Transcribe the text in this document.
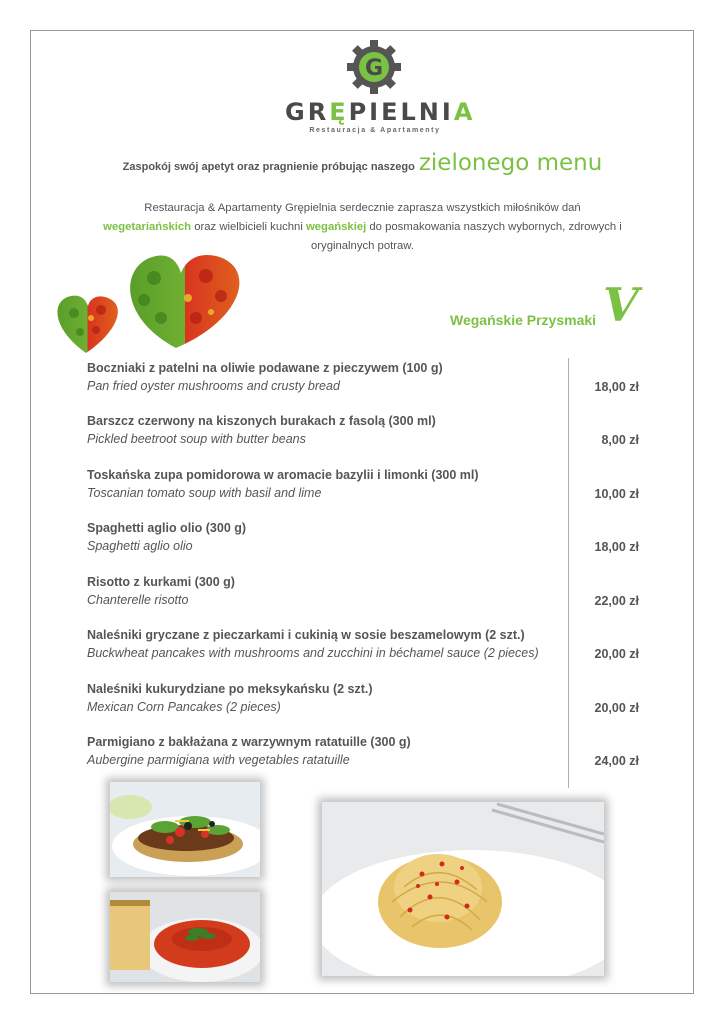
G
GRĘPIELNIA
Restauracja & Apartamenty
Zaspokój swój apetyt oraz pragnienie próbując naszego zielonego menu
Restauracja & Apartamenty Grępielnia serdecznie zaprasza wszystkich miłośników dań
wegetariańskich oraz wielbicieli kuchni wegańskiej do posmakowania naszych wybornych, zdrowych i oryginalnych potraw.
Wegańskie Przysmaki V
Boczniaki z patelni na oliwie podawane z pieczywem (100 g)
Pan fried oyster mushrooms and crusty bread	18,00 zł
Barszcz czerwony na kiszonych burakach z fasolą (300 ml)
Pickled beetroot soup with butter beans	8,00 zł
Toskańska zupa pomidorowa w aromacie bazylii i limonki (300 ml)
Toscanian tomato soup with basil and lime	10,00 zł
Spaghetti aglio olio (300 g)
Spaghetti aglio olio	18,00 zł
Risotto z kurkami (300 g)
Chanterelle risotto	22,00 zł
Naleśniki gryczane z pieczarkami i cukinią w sosie beszamelowym (2 szt.)
Buckwheat pancakes with mushrooms and zucchini in béchamel sauce (2 pieces)	20,00 zł
Naleśniki kukurydziane po meksykańsku (2 szt.)
Mexican Corn Pancakes (2 pieces)	20,00 zł
Parmigiano z bakłażana z warzywnym ratatuille (300 g)
Aubergine parmigiana with vegetables ratatuille	24,00 zł
